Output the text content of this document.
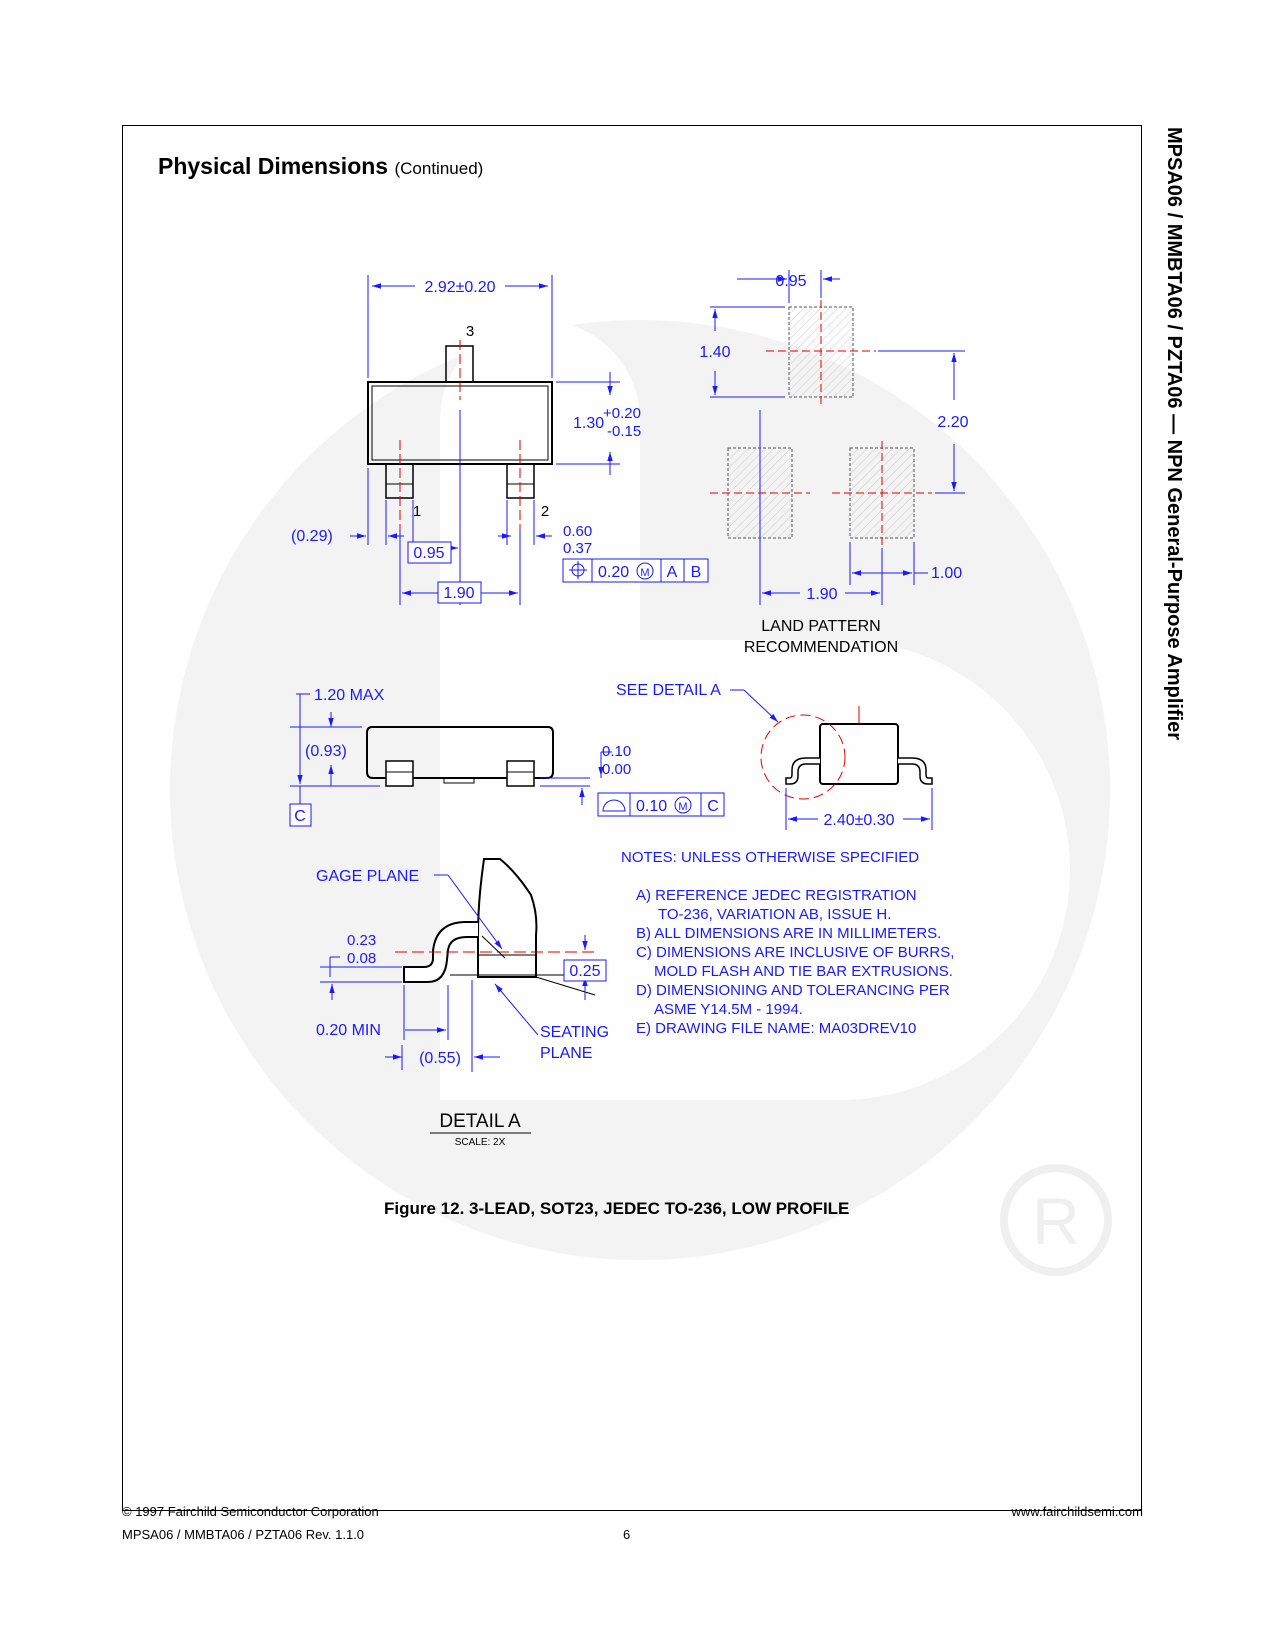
MPSA06 / MMBTA06 / PZTA06 — NPN General-Purpose Amplifier
Physical Dimensions (Continued)
R
2.92±0.20
3
1	2
1.30
+0.20
-0.15
(0.29)
0.95
1.90
0.60
0.37
0.20 M A B
0.95
1.40
2.20
1.90
1.00
LAND PATTERN
RECOMMENDATION
1.20 MAX
(0.93)
C
0.10
0.00
0.10 M C
SEE DETAIL A
2.40±0.30
GAGE PLANE
0.23
0.08
0.25
0.20 MIN
(0.55)
SEATING
PLANE
DETAIL A
SCALE: 2X
NOTES: UNLESS OTHERWISE SPECIFIED
A) REFERENCE JEDEC REGISTRATION
TO-236, VARIATION AB, ISSUE H.
B) ALL DIMENSIONS ARE IN MILLIMETERS.
C) DIMENSIONS ARE INCLUSIVE OF BURRS,
MOLD FLASH AND TIE BAR EXTRUSIONS.
D) DIMENSIONING AND TOLERANCING PER
ASME Y14.5M - 1994.
E) DRAWING FILE NAME: MA03DREV10
Figure 12. 3-LEAD, SOT23, JEDEC TO-236, LOW PROFILE
© 1997 Fairchild Semiconductor Corporation
MPSA06 / MMBTA06 / PZTA06 Rev. 1.1.0	6
www.fairchildsemi.com
